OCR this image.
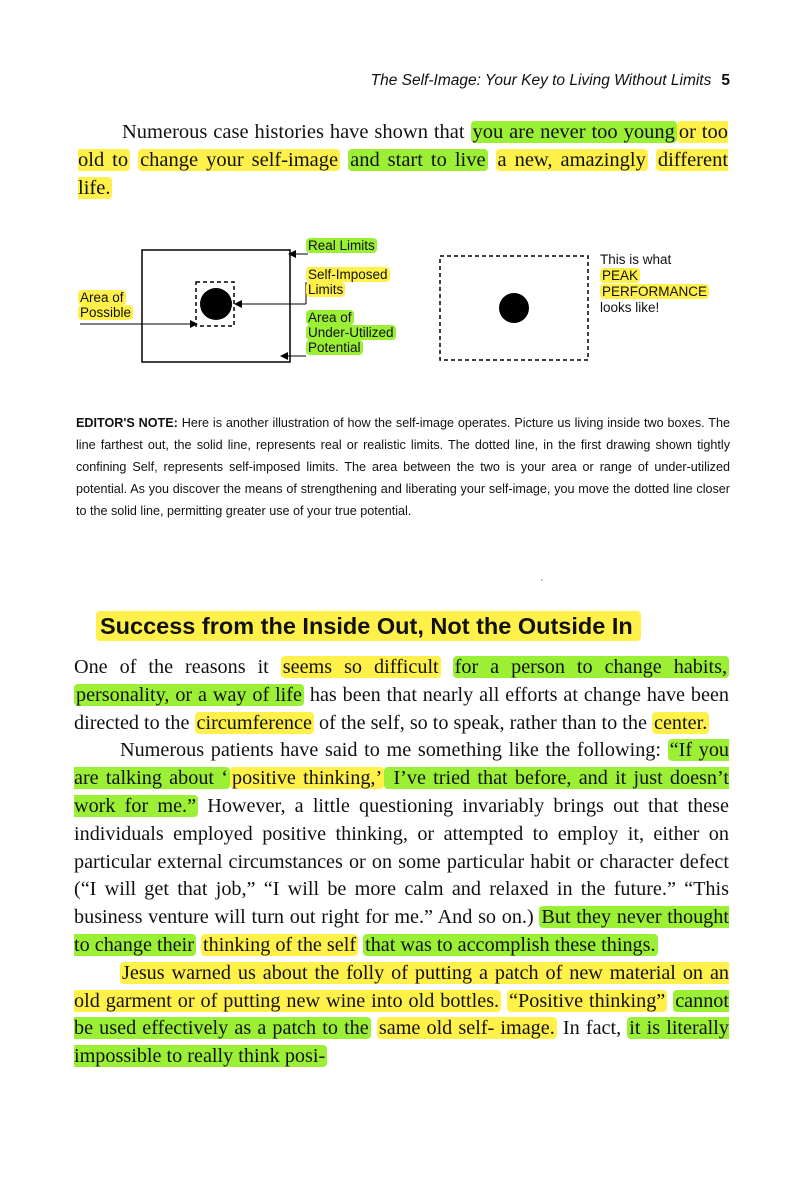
The Self-Image: Your Key to Living Without Limits 5
Numerous case histories have shown that you are never too young or too old to change your self-image and start to live a new, amazingly different life.
Real Limits
Self-Imposed
Limits
Area of
Possible	Area of
Under-Utilized
Potential
This is what
PEAK
PERFORMANCE
looks like!
EDITOR'S NOTE: Here is another illustration of how the self-image operates. Picture us living inside two boxes. The line farthest out, the solid line, represents real or realistic limits. The dotted line, in the first drawing shown tightly confining Self, represents self-imposed limits. The area between the two is your area or range of under-utilized potential. As you discover the means of strengthening and liberating your self-image, you move the dotted line closer to the solid line, permitting greater use of your true potential.
·
Success from the Inside Out, Not the Outside In

One of the reasons it seems so difficult for a person to change habits, personality, or a way of life has been that nearly all efforts at change have been directed to the circumference of the self, so to speak, rather than to the center.

Numerous patients have said to me something like the following: “If you are talking about ‘ positive thinking,’ I’ve tried that before, and it just doesn’t work for me.” However, a little questioning invariably brings out that these individuals employed positive thinking, or attempted to employ it, either on particular external circumstances or on some particular habit or character defect (“I will get that job,” “I will be more calm and relaxed in the future.” “This business venture will turn out right for me.” And so on.) But they never thought to change their thinking of the self that was to accomplish these things.

Jesus warned us about the folly of putting a patch of new material on an old garment or of putting new wine into old bottles. “Positive thinking” cannot be used effectively as a patch to the same old self- image. In fact, it is literally impossible to really think posi-
